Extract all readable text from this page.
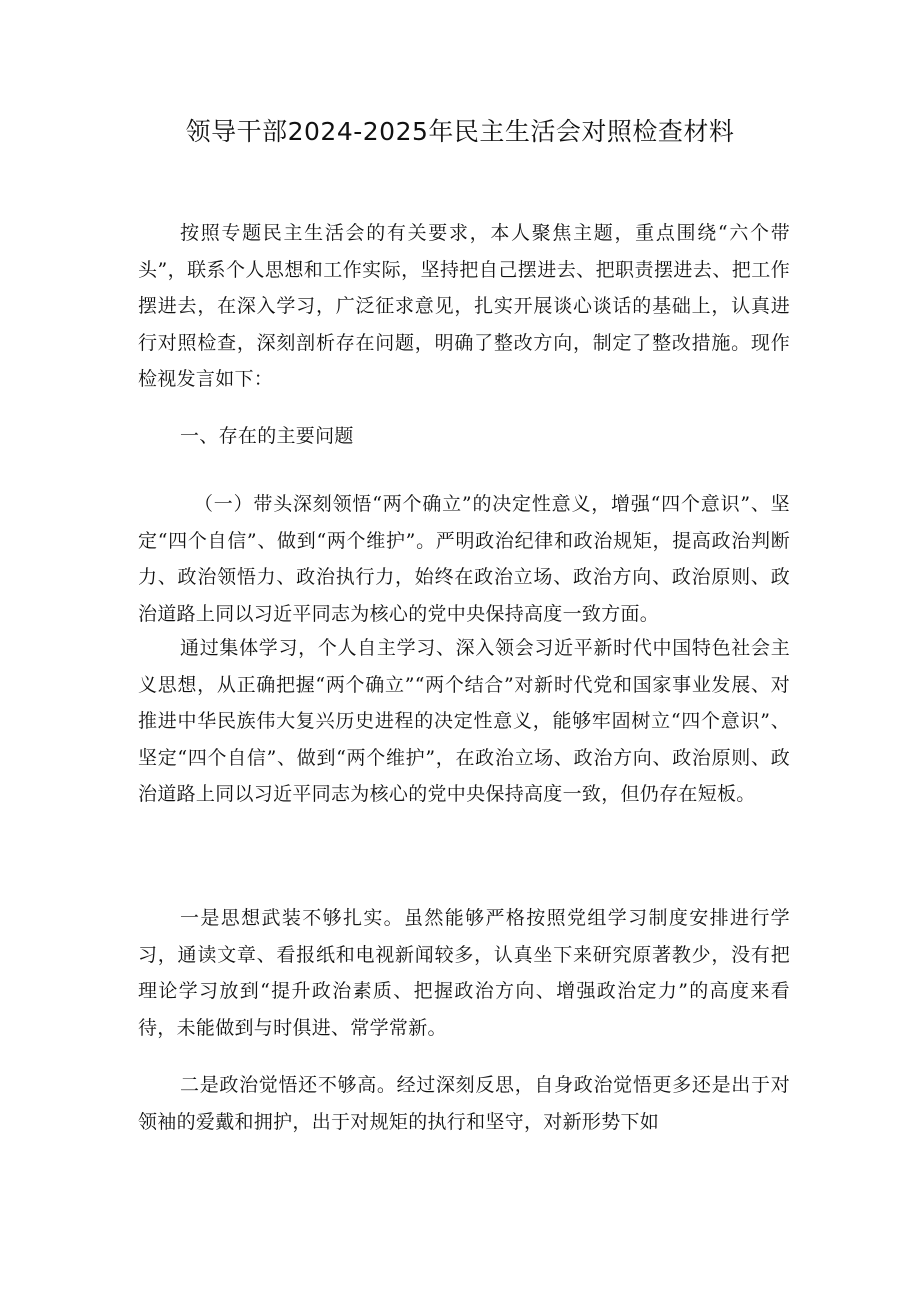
领导干部2024-2025年民主生活会对照检查材料

按照专题民主生活会的有关要求，本人聚焦主题，重点围绕“六个带头”，联系个人思想和工作实际，坚持把自己摆进去、把职责摆进去、把工作摆进去，在深入学习，广泛征求意见，扎实开展谈心谈话的基础上，认真进行对照检查，深刻剖析存在问题，明确了整改方向，制定了整改措施。现作检视发言如下：

一、存在的主要问题

（一）带头深刻领悟“两个确立”的决定性意义，增强“四个意识”、坚定“四个自信”、做到“两个维护”。严明政治纪律和政治规矩，提高政治判断力、政治领悟力、政治执行力，始终在政治立场、政治方向、政治原则、政治道路上同以习近平同志为核心的党中央保持高度一致方面。

通过集体学习，个人自主学习、深入领会习近平新时代中国特色社会主义思想，从正确把握“两个确立”“两个结合”对新时代党和国家事业发展、对推进中华民族伟大复兴历史进程的决定性意义，能够牢固树立“四个意识”、坚定“四个自信”、做到“两个维护”，在政治立场、政治方向、政治原则、政治道路上同以习近平同志为核心的党中央保持高度一致，但仍存在短板。

一是思想武装不够扎实。虽然能够严格按照党组学习制度安排进行学习，通读文章、看报纸和电视新闻较多，认真坐下来研究原著教少，没有把理论学习放到“提升政治素质、把握政治方向、增强政治定力”的高度来看待，未能做到与时俱进、常学常新。

二是政治觉悟还不够高。经过深刻反思，自身政治觉悟更多还是出于对领袖的爱戴和拥护，出于对规矩的执行和坚守，对新形势下如
